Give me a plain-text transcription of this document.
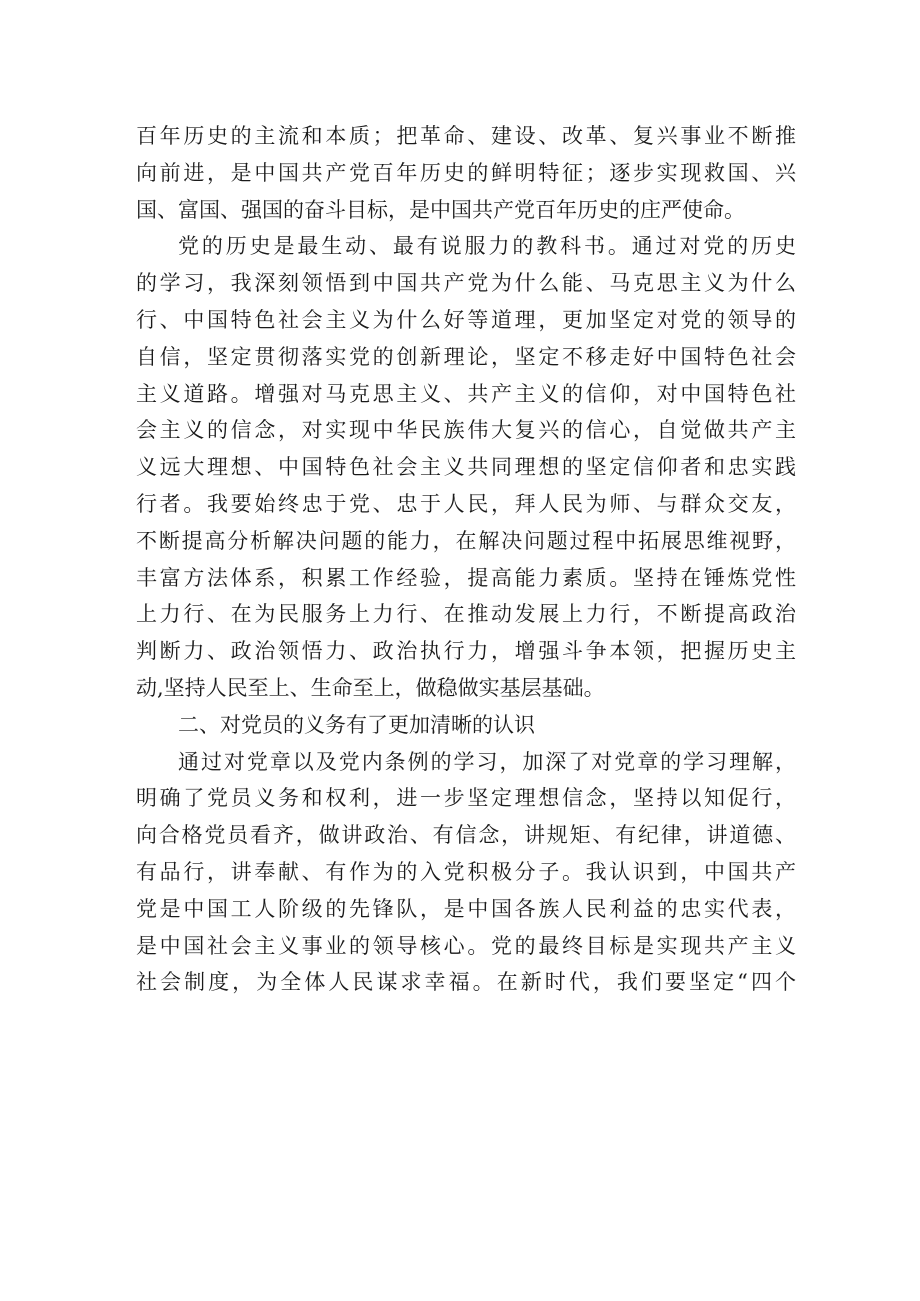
百年历史的主流和本质；把革命、建设、改革、复兴事业不断推
向前进，是中国共产党百年历史的鲜明特征；逐步实现救国、兴
国、富国、强国的奋斗目标，是中国共产党百年历史的庄严使命。
党的历史是最生动、最有说服力的教科书。通过对党的历史
的学习，我深刻领悟到中国共产党为什么能、马克思主义为什么
行、中国特色社会主义为什么好等道理，更加坚定对党的领导的
自信，坚定贯彻落实党的创新理论，坚定不移走好中国特色社会
主义道路。增强对马克思主义、共产主义的信仰，对中国特色社
会主义的信念，对实现中华民族伟大复兴的信心，自觉做共产主
义远大理想、中国特色社会主义共同理想的坚定信仰者和忠实践
行者。我要始终忠于党、忠于人民，拜人民为师、与群众交友，
不断提高分析解决问题的能力，在解决问题过程中拓展思维视野，
丰富方法体系，积累工作经验，提高能力素质。坚持在锤炼党性
上力行、在为民服务上力行、在推动发展上力行，不断提高政治
判断力、政治领悟力、政治执行力，增强斗争本领，把握历史主
动,坚持人民至上、生命至上，做稳做实基层基础。
二、对党员的义务有了更加清晰的认识
通过对党章以及党内条例的学习，加深了对党章的学习理解，
明确了党员义务和权利，进一步坚定理想信念，坚持以知促行，
向合格党员看齐，做讲政治、有信念，讲规矩、有纪律，讲道德、
有品行，讲奉献、有作为的入党积极分子。我认识到，中国共产
党是中国工人阶级的先锋队，是中国各族人民利益的忠实代表，
是中国社会主义事业的领导核心。党的最终目标是实现共产主义
社会制度，为全体人民谋求幸福。在新时代，我们要坚定“四个
